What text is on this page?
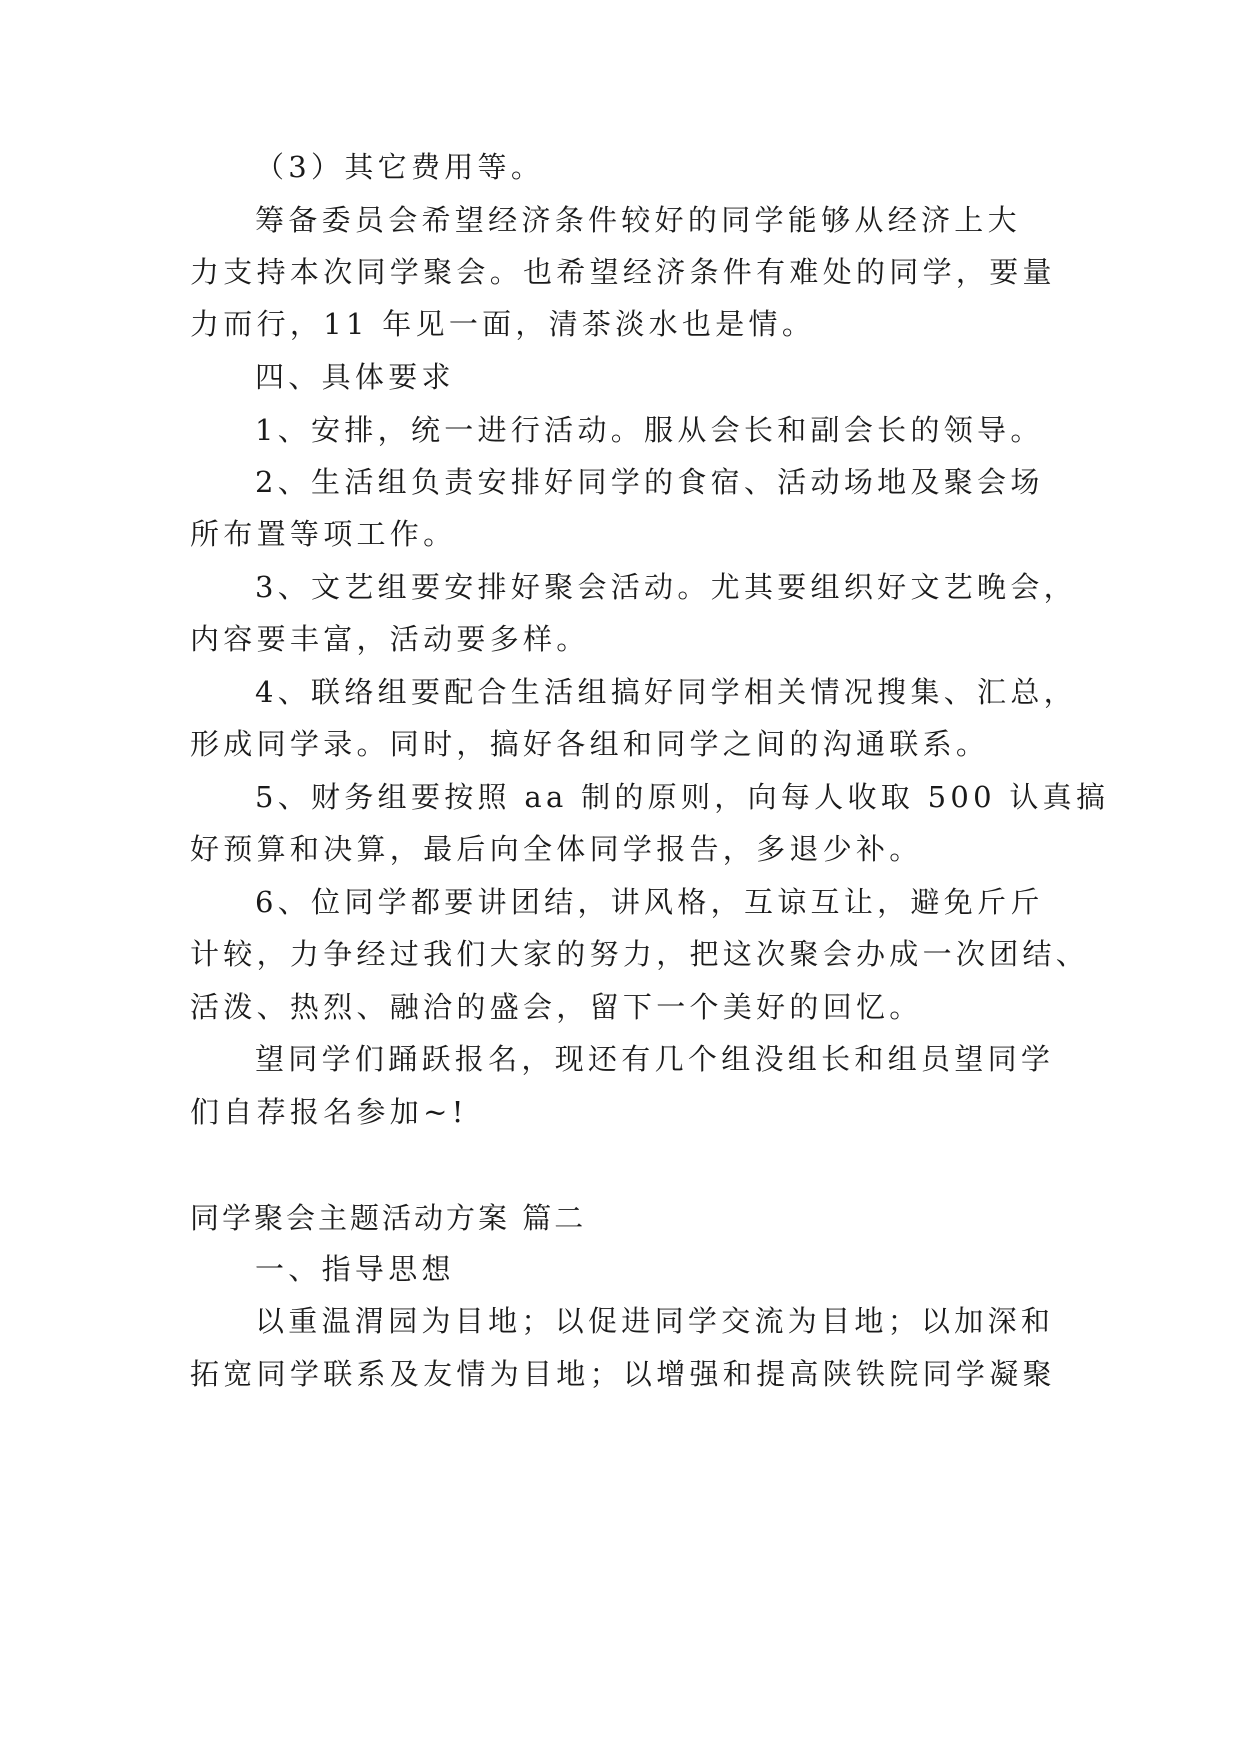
（3）其它费用等。

筹备委员会希望经济条件较好的同学能够从经济上大

力支持本次同学聚会。也希望经济条件有难处的同学，要量

力而行，11 年见一面，清茶淡水也是情。

四、具体要求

1、安排，统一进行活动。服从会长和副会长的领导。

2、生活组负责安排好同学的食宿、活动场地及聚会场

所布置等项工作。

3、文艺组要安排好聚会活动。尤其要组织好文艺晚会，

内容要丰富，活动要多样。

4、联络组要配合生活组搞好同学相关情况搜集、汇总，

形成同学录。同时，搞好各组和同学之间的沟通联系。

5、财务组要按照 aa 制的原则，向每人收取 500 认真搞

好预算和决算，最后向全体同学报告，多退少补。

6、位同学都要讲团结，讲风格，互谅互让，避免斤斤

计较，力争经过我们大家的努力，把这次聚会办成一次团结、

活泼、热烈、融洽的盛会，留下一个美好的回忆。

望同学们踊跃报名，现还有几个组没组长和组员望同学

们自荐报名参加~!

同学聚会主题活动方案 篇二

一、指导思想

以重温渭园为目地；以促进同学交流为目地；以加深和

拓宽同学联系及友情为目地；以增强和提高陕铁院同学凝聚
